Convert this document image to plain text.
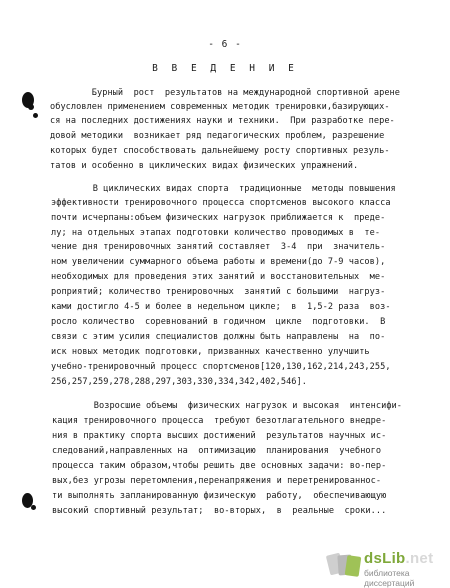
- 6 -
В В Е Д Е Н И Е
Бурный  рост  результатов на международной спортивной арене
обусловлен применением современных методик тренировки,базирующих-
ся на последних достижениях науки и техники.  При разработке пере-
довой методики  возникает ряд педагогических проблем, разрешение
которых будет способствовать дальнейшему росту спортивных резуль-
татов и особенно в циклических видах физических упражнений.
В циклических видах спорта  традиционные  методы повышения
эффективности тренировочного процесса спортсменов высокого класса
почти исчерпаны:объем физических нагрузок приближается к  преде-
лу; на отдельных этапах подготовки количество проводимых в  те-
чение дня тренировочных занятий составляет  3-4  при  значитель-
ном увеличении суммарного объема работы и времени(до 7-9 часов),
необходимых для проведения этих занятий и восстановительных  ме-
роприятий; количество тренировочных  занятий с большими  нагруз-
ками достигло 4-5 и более в недельном цикле;  в  1,5-2 раза  воз-
росло количество  соревнований в годичном  цикле  подготовки.  В
связи с этим усилия специалистов должны быть направлены  на  по-
иск новых методик подготовки, призванных качественно улучшить
учебно-тренировочный процесс спортсменов[120,130,162,214,243,255,
256,257,259,278,288,297,303,330,334,342,402,546].
Возросшие объемы  физических нагрузок и высокая  интенсифи-
кация тренировочного процесса  требуют безотлагательного внедре-
ния в практику спорта высших достижений  результатов научных ис-
следований,направленных на  оптимизацию  планирования  учебного
процесса таким образом,чтобы решить две основных задачи: во-пер-
вых,без угрозы перетомления,перенапряжения и перетренированнос-
ти выполнять запланированную физическую  работу,  обеспечивающую
высокий спортивный результат;  во-вторых,  в  реальные  сроки...
dsLib.net
библиотека диссертаций
